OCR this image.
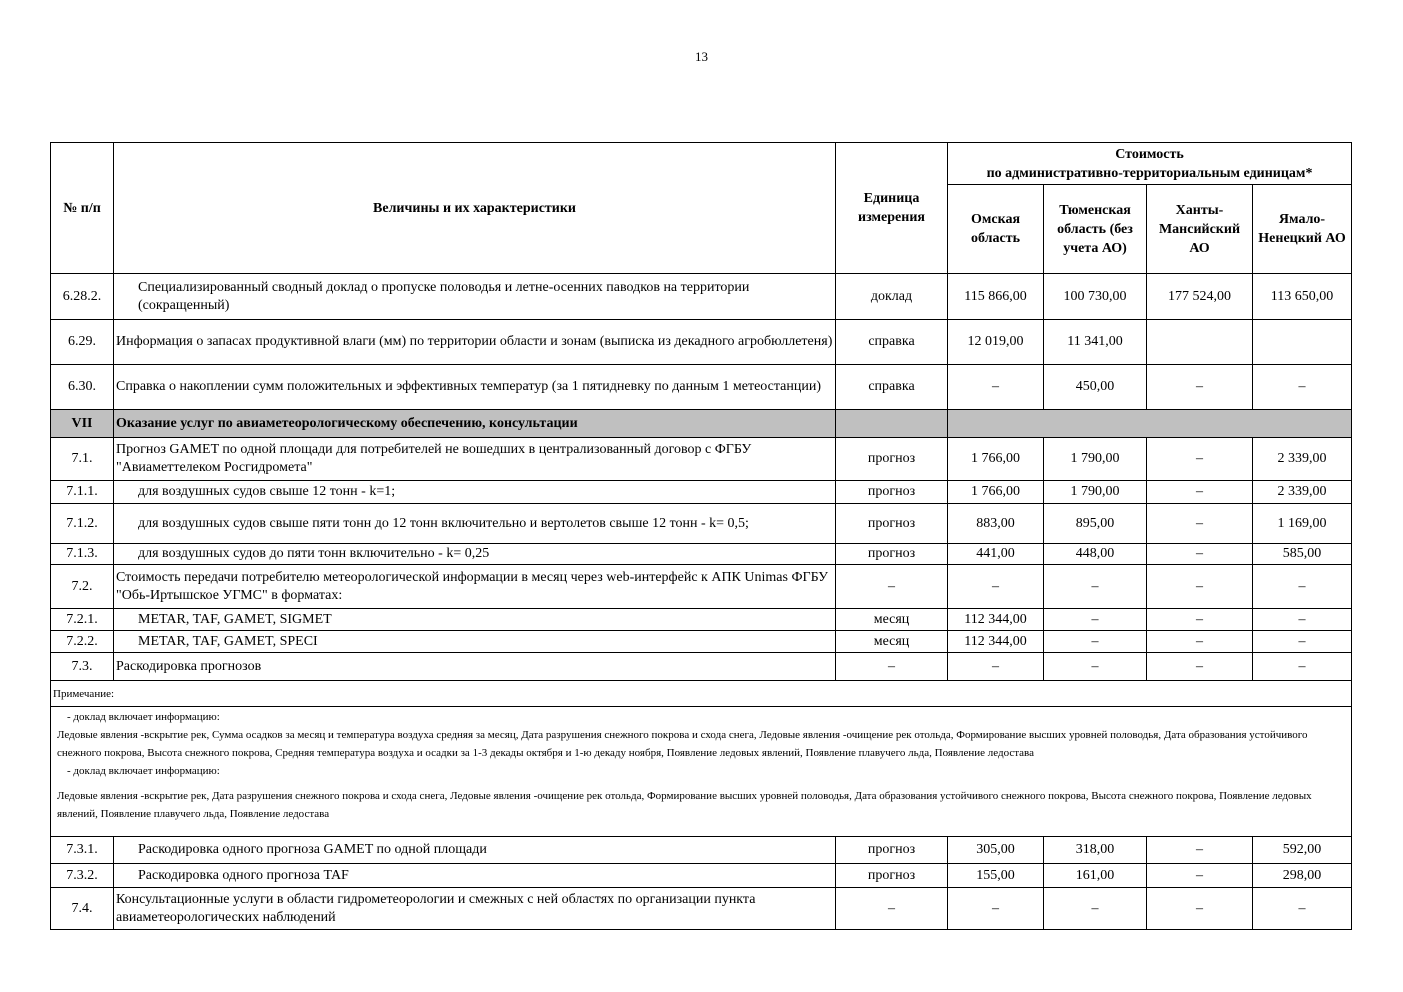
13
№ п/п	Величины и их характеристики	Единица измерения	Стоимость
по административно-территориальным единицам*			

			Омская область	Тюменская область (без учета АО)	Ханты-Мансийский АО	Ямало-Ненецкий АО
6.28.2.	Специализированный сводный доклад о пропуске половодья и летне-осенних паводков на территории (сокращенный)	доклад	115 866,00	100 730,00	177 524,00	113 650,00
6.29.	Информация о запасах продуктивной влаги (мм) по территории области и зонам (выписка из декадного агробюллетеня)	справка	12 019,00	11 341,00		
6.30.	Справка о накоплении сумм положительных и эффективных температур (за 1 пятидневку по данным 1 метеостанции)	справка	–	450,00	–	–
VII	Оказание услуг по авиаметеорологическому обеспечению, консультации					
7.1.	Прогноз GAMET по одной площади для потребителей не вошедших в централизованный договор с ФГБУ "Авиаметтелеком Росгидромета"	прогноз	1 766,00	1 790,00	–	2 339,00
7.1.1.	для воздушных судов свыше 12 тонн - k=1;	прогноз	1 766,00	1 790,00	–	2 339,00
7.1.2.	для воздушных судов свыше пяти тонн до 12 тонн включительно и вертолетов свыше 12 тонн - k= 0,5;	прогноз	883,00	895,00	–	1 169,00
7.1.3.	для воздушных судов до пяти тонн включительно - k= 0,25	прогноз	441,00	448,00	–	585,00
7.2.	Стоимость передачи потребителю метеорологической информации в месяц через web-интерфейс к АПК Unimas ФГБУ "Обь-Иртышское УГМС" в форматах:	–	–	–	–	–
7.2.1.	METAR, TAF, GAMET, SIGMET	месяц	112 344,00	–	–	–
7.2.2.	METAR, TAF, GAMET, SPECI	месяц	112 344,00	–	–	–
7.3.	Раскодировка прогнозов	–	–	–	–	–
Примечание:						

- доклад включает информацию:

Ледовые явления -вскрытие рек, Сумма осадков за месяц и температура воздуха средняя за месяц, Дата разрушения снежного покрова и схода снега, Ледовые явления -очищение рек отольда, Формирование высших уровней половодья, Дата образования устойчивого снежного покрова, Высота снежного покрова, Средняя температура воздуха и осадки за 1-3 декады октября и 1-ю декаду ноября, Появление ледовых явлений, Появление плавучего льда, Появление ледостава

- доклад включает информацию:

Ледовые явления -вскрытие рек, Дата разрушения снежного покрова и схода снега, Ледовые явления -очищение рек отольда, Формирование высших уровней половодья, Дата образования устойчивого снежного покрова, Высота снежного покрова, Появление ледовых явлений, Появление плавучего льда, Появление ледостава						

7.3.1.	Раскодировка одного прогноза GAMET по одной площади	прогноз	305,00	318,00	–	592,00
7.3.2.	Раскодировка одного прогноза TAF	прогноз	155,00	161,00	–	298,00
7.4.	Консультационные услуги в области гидрометеорологии и смежных с ней областях по организации пункта авиаметеорологических наблюдений	–	–	–	–	–
